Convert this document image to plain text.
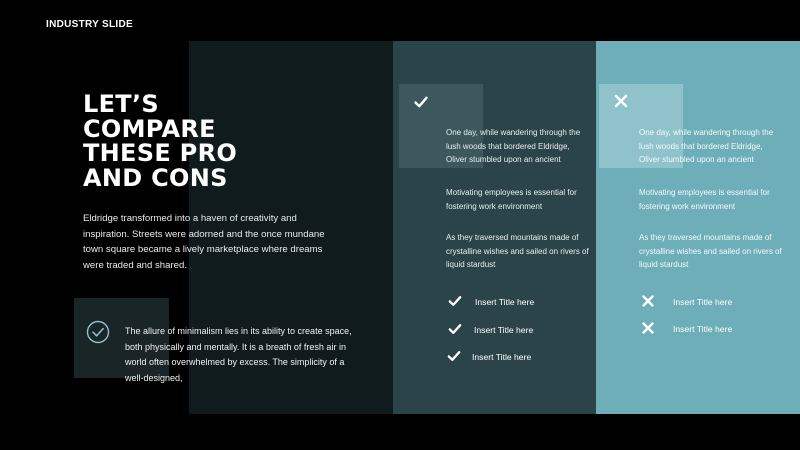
INDUSTRY SLIDE
LET’S
COMPARE
THESE PRO
AND CONS
Eldridge transformed into a haven of creativity and inspiration. Streets were adorned and the once mundane town square became a lively marketplace where dreams were traded and shared.
The allure of minimalism lies in its ability to create space, both physically and mentally. It is a breath of fresh air in world often overwhelmed by excess. The simplicity of a well-designed,
One day, while wandering through the lush woods that bordered Eldridge, Oliver stumbled upon an ancient
Motivating employees is essential for fostering work environment
As they traversed mountains made of crystalline wishes and sailed on rivers of liquid stardust
Insert Title here
Insert Title here
Insert Title here
One day, while wandering through the lush woods that bordered Eldridge, Oliver stumbled upon an ancient
Motivating employees is essential for fostering work environment
As they traversed mountains made of crystalline wishes and sailed on rivers of liquid stardust
Insert Title here
Insert Title here
